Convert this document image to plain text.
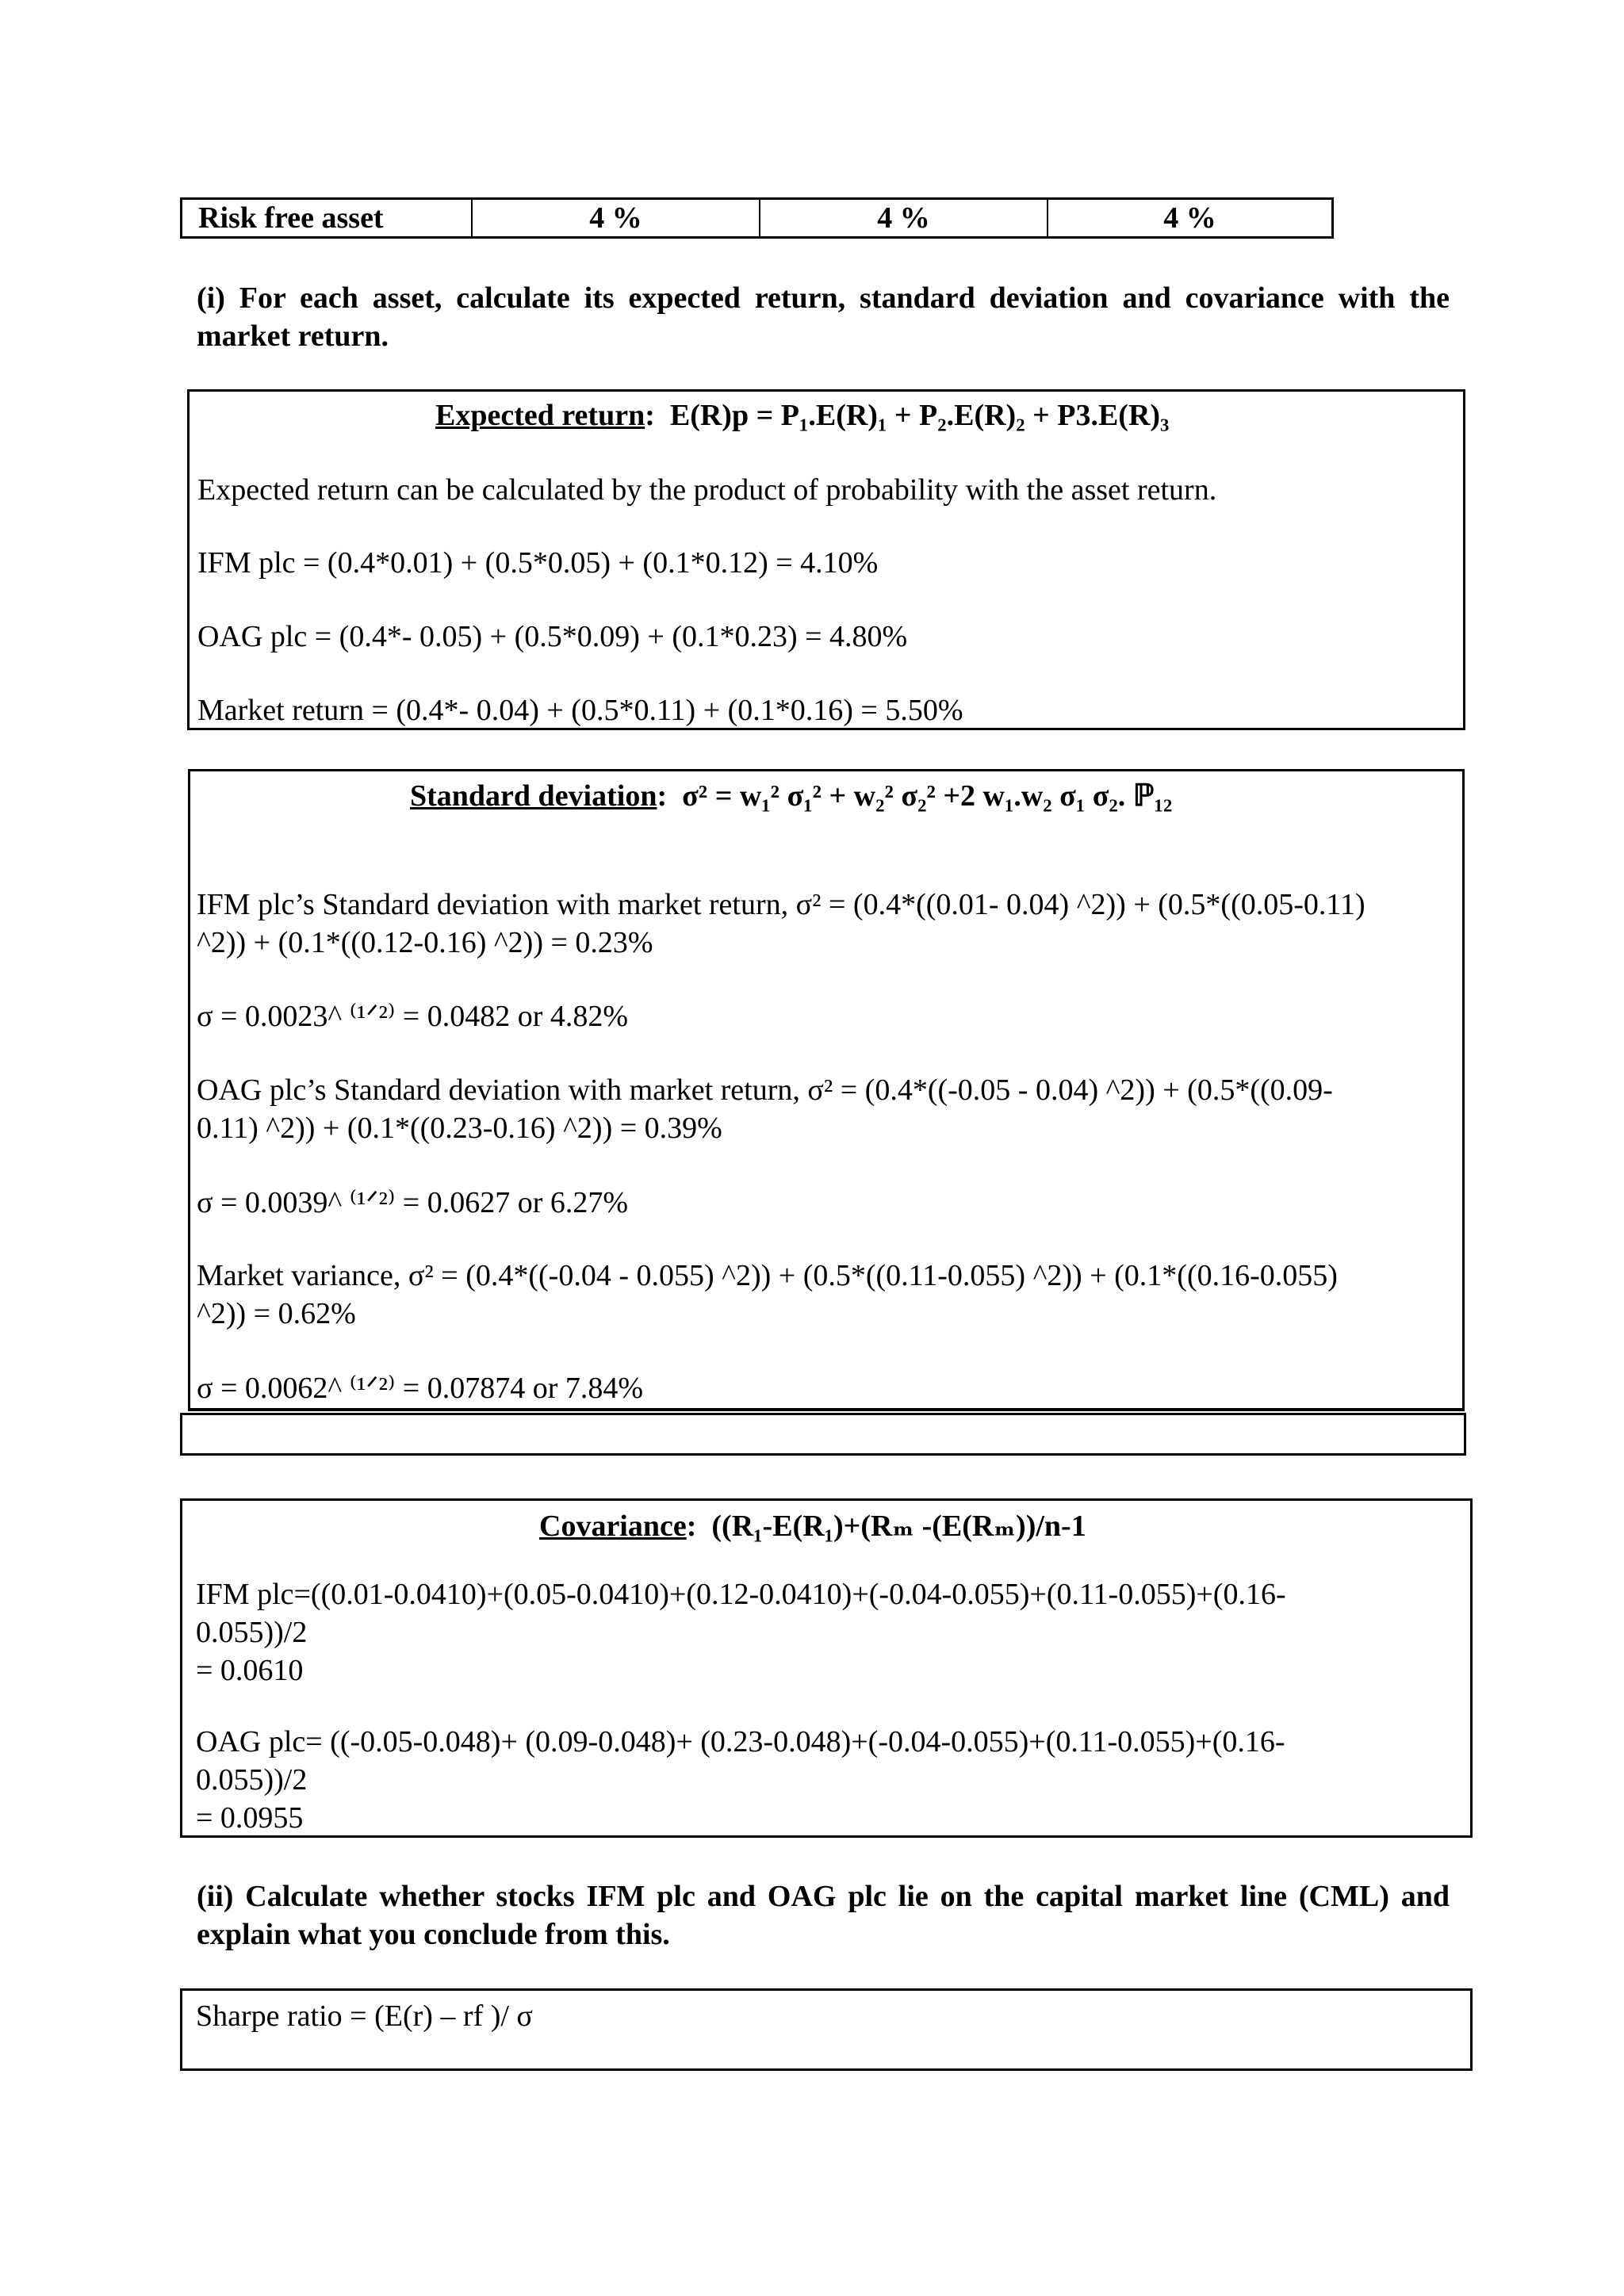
Risk free asset	4 %	4 %	4 %
(i) For each asset, calculate its expected return, standard deviation and covariance with the market return.
Expected return:  E(R)p = P₁.E(R)₁ + P₂.E(R)₂ + P3.E(R)₃
Expected return can be calculated by the product of probability with the asset return.
IFM plc = (0.4*0.01) + (0.5*0.05) + (0.1*0.12) = 4.10%
OAG plc = (0.4*- 0.05) + (0.5*0.09) + (0.1*0.23) = 4.80%
Market return = (0.4*- 0.04) + (0.5*0.11) + (0.1*0.16) = 5.50%
Standard deviation:  σ² = w₁² σ₁² + w₂² σ₂² +2 w₁.w₂ σ₁ σ₂. ℙ₁₂
IFM plc’s Standard deviation with market return, σ² = (0.4*((0.01- 0.04) ^2)) + (0.5*((0.05-0.11)
^2)) + (0.1*((0.12-0.16) ^2)) = 0.23%
σ = 0.0023^ ⁽¹ᐟ²⁾ = 0.0482 or 4.82%
OAG plc’s Standard deviation with market return, σ² = (0.4*((-0.05 - 0.04) ^2)) + (0.5*((0.09-
0.11) ^2)) + (0.1*((0.23-0.16) ^2)) = 0.39%
σ = 0.0039^ ⁽¹ᐟ²⁾ = 0.0627 or 6.27%
Market variance, σ² = (0.4*((-0.04 - 0.055) ^2)) + (0.5*((0.11-0.055) ^2)) + (0.1*((0.16-0.055)
^2)) = 0.62%
σ = 0.0062^ ⁽¹ᐟ²⁾ = 0.07874 or 7.84%
Covariance:  ((R₁-E(R₁)+(Rₘ -(E(Rₘ))/n-1
IFM plc=((0.01-0.0410)+(0.05-0.0410)+(0.12-0.0410)+(-0.04-0.055)+(0.11-0.055)+(0.16-
0.055))/2
= 0.0610
OAG plc= ((-0.05-0.048)+ (0.09-0.048)+ (0.23-0.048)+(-0.04-0.055)+(0.11-0.055)+(0.16-
0.055))/2
= 0.0955
(ii) Calculate whether stocks IFM plc and OAG plc lie on the capital market line (CML) and explain what you conclude from this.
Sharpe ratio = (E(r) – rf )/ σ
